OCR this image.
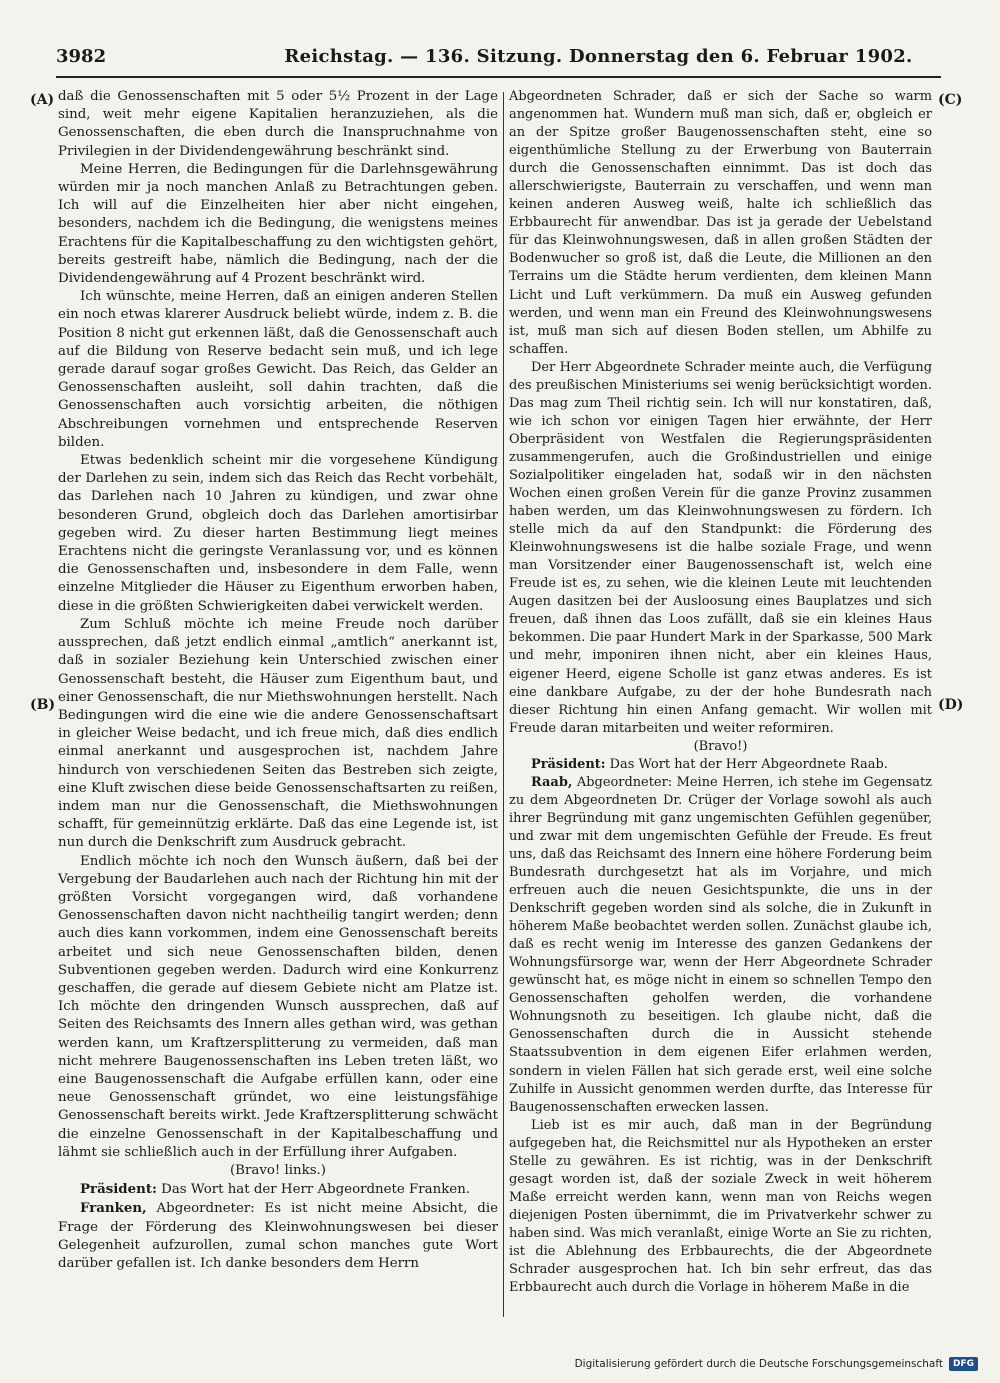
3982	Reichstag. — 136. Sitzung. Donnerstag den 6. Februar 1902.
(A)
(B)
(C)
(D)

daß die Genossenschaften mit 5 oder 5½ Prozent in der Lage sind, weit mehr eigene Kapitalien heranzuziehen, als die Genossenschaften, die eben durch die Inanspruchnahme von Privilegien in der Dividendengewährung beschränkt sind.

Meine Herren, die Bedingungen für die Darlehnsgewährung würden mir ja noch manchen Anlaß zu Betrachtungen geben. Ich will auf die Einzelheiten hier aber nicht eingehen, besonders, nachdem ich die Bedingung, die wenigstens meines Erachtens für die Kapitalbeschaffung zu den wichtigsten gehört, bereits gestreift habe, nämlich die Bedingung, nach der die Dividendengewährung auf 4 Prozent beschränkt wird.

Ich wünschte, meine Herren, daß an einigen anderen Stellen ein noch etwas klarerer Ausdruck beliebt würde, indem z. B. die Position 8 nicht gut erkennen läßt, daß die Genossenschaft auch auf die Bildung von Reserve bedacht sein muß, und ich lege gerade darauf sogar großes Gewicht. Das Reich, das Gelder an Genossenschaften ausleiht, soll dahin trachten, daß die Genossenschaften auch vorsichtig arbeiten, die nöthigen Abschreibungen vornehmen und entsprechende Reserven bilden.

Etwas bedenklich scheint mir die vorgesehene Kündigung der Darlehen zu sein, indem sich das Reich das Recht vorbehält, das Darlehen nach 10 Jahren zu kündigen, und zwar ohne besonderen Grund, obgleich doch das Darlehen amortisirbar gegeben wird. Zu dieser harten Bestimmung liegt meines Erachtens nicht die geringste Veranlassung vor, und es können die Genossenschaften und, insbesondere in dem Falle, wenn einzelne Mitglieder die Häuser zu Eigenthum erworben haben, diese in die größten Schwierigkeiten dabei verwickelt werden.

Zum Schluß möchte ich meine Freude noch darüber aussprechen, daß jetzt endlich einmal „amtlich“ anerkannt ist, daß in sozialer Beziehung kein Unterschied zwischen einer Genossenschaft besteht, die Häuser zum Eigenthum baut, und einer Genossenschaft, die nur Miethswohnungen herstellt. Nach Bedingungen wird die eine wie die andere Genossenschaftsart in gleicher Weise bedacht, und ich freue mich, daß dies endlich einmal anerkannt und ausgesprochen ist, nachdem Jahre hindurch von verschiedenen Seiten das Bestreben sich zeigte, eine Kluft zwischen diese beide Genossenschaftsarten zu reißen, indem man nur die Genossenschaft, die Miethswohnungen schafft, für gemeinnützig erklärte. Daß das eine Legende ist, ist nun durch die Denkschrift zum Ausdruck gebracht.

Endlich möchte ich noch den Wunsch äußern, daß bei der Vergebung der Baudarlehen auch nach der Richtung hin mit der größten Vorsicht vorgegangen wird, daß vorhandene Genossenschaften davon nicht nachtheilig tangirt werden; denn auch dies kann vorkommen, indem eine Genossenschaft bereits arbeitet und sich neue Genossenschaften bilden, denen Subventionen gegeben werden. Dadurch wird eine Konkurrenz geschaffen, die gerade auf diesem Gebiete nicht am Platze ist. Ich möchte den dringenden Wunsch aussprechen, daß auf Seiten des Reichsamts des Innern alles gethan wird, was gethan werden kann, um Kraftzersplitterung zu vermeiden, daß man nicht mehrere Baugenossenschaften ins Leben treten läßt, wo eine Baugenossenschaft die Aufgabe erfüllen kann, oder eine neue Genossenschaft gründet, wo eine leistungsfähige Genossenschaft bereits wirkt. Jede Kraftzersplitterung schwächt die einzelne Genossenschaft in der Kapitalbeschaffung und lähmt sie schließlich auch in der Erfüllung ihrer Aufgaben.

(Bravo! links.)

Präsident: Das Wort hat der Herr Abgeordnete Franken.

Franken, Abgeordneter: Es ist nicht meine Absicht, die Frage der Förderung des Kleinwohnungswesen bei dieser Gelegenheit aufzurollen, zumal schon manches gute Wort darüber gefallen ist. Ich danke besonders dem Herrn

Abgeordneten Schrader, daß er sich der Sache so warm angenommen hat. Wundern muß man sich, daß er, obgleich er an der Spitze großer Baugenossenschaften steht, eine so eigenthümliche Stellung zu der Erwerbung von Bauterrain durch die Genossenschaften einnimmt. Das ist doch das allerschwierigste, Bauterrain zu verschaffen, und wenn man keinen anderen Ausweg weiß, halte ich schließlich das Erbbaurecht für anwendbar. Das ist ja gerade der Uebelstand für das Kleinwohnungswesen, daß in allen großen Städten der Bodenwucher so groß ist, daß die Leute, die Millionen an den Terrains um die Städte herum verdienten, dem kleinen Mann Licht und Luft verkümmern. Da muß ein Ausweg gefunden werden, und wenn man ein Freund des Kleinwohnungswesens ist, muß man sich auf diesen Boden stellen, um Abhilfe zu schaffen.

Der Herr Abgeordnete Schrader meinte auch, die Verfügung des preußischen Ministeriums sei wenig berücksichtigt worden. Das mag zum Theil richtig sein. Ich will nur konstatiren, daß, wie ich schon vor einigen Tagen hier erwähnte, der Herr Oberpräsident von Westfalen die Regierungspräsidenten zusammengerufen, auch die Großindustriellen und einige Sozialpolitiker eingeladen hat, sodaß wir in den nächsten Wochen einen großen Verein für die ganze Provinz zusammen haben werden, um das Kleinwohnungswesen zu fördern. Ich stelle mich da auf den Standpunkt: die Förderung des Kleinwohnungswesens ist die halbe soziale Frage, und wenn man Vorsitzender einer Baugenossenschaft ist, welch eine Freude ist es, zu sehen, wie die kleinen Leute mit leuchtenden Augen dasitzen bei der Ausloosung eines Bauplatzes und sich freuen, daß ihnen das Loos zufällt, daß sie ein kleines Haus bekommen. Die paar Hundert Mark in der Sparkasse, 500 Mark und mehr, imponiren ihnen nicht, aber ein kleines Haus, eigener Heerd, eigene Scholle ist ganz etwas anderes. Es ist eine dankbare Aufgabe, zu der der hohe Bundesrath nach dieser Richtung hin einen Anfang gemacht. Wir wollen mit Freude daran mitarbeiten und weiter reformiren.

(Bravo!)

Präsident: Das Wort hat der Herr Abgeordnete Raab.

Raab, Abgeordneter: Meine Herren, ich stehe im Gegensatz zu dem Abgeordneten Dr. Crüger der Vorlage sowohl als auch ihrer Begründung mit ganz ungemischten Gefühlen gegenüber, und zwar mit dem ungemischten Gefühle der Freude. Es freut uns, daß das Reichsamt des Innern eine höhere Forderung beim Bundesrath durchgesetzt hat als im Vorjahre, und mich erfreuen auch die neuen Gesichtspunkte, die uns in der Denkschrift gegeben worden sind als solche, die in Zukunft in höherem Maße beobachtet werden sollen. Zunächst glaube ich, daß es recht wenig im Interesse des ganzen Gedankens der Wohnungsfürsorge war, wenn der Herr Abgeordnete Schrader gewünscht hat, es möge nicht in einem so schnellen Tempo den Genossenschaften geholfen werden, die vorhandene Wohnungsnoth zu beseitigen. Ich glaube nicht, daß die Genossenschaften durch die in Aussicht stehende Staatssubvention in dem eigenen Eifer erlahmen werden, sondern in vielen Fällen hat sich gerade erst, weil eine solche Zuhilfe in Aussicht genommen werden durfte, das Interesse für Baugenossenschaften erwecken lassen.

Lieb ist es mir auch, daß man in der Begründung aufgegeben hat, die Reichsmittel nur als Hypotheken an erster Stelle zu gewähren. Es ist richtig, was in der Denkschrift gesagt worden ist, daß der soziale Zweck in weit höherem Maße erreicht werden kann, wenn man von Reichs wegen diejenigen Posten übernimmt, die im Privatverkehr schwer zu haben sind. Was mich veranlaßt, einige Worte an Sie zu richten, ist die Ablehnung des Erbbaurechts, die der Abgeordnete Schrader ausgesprochen hat. Ich bin sehr erfreut, das das Erbbaurecht auch durch die Vorlage in höherem Maße in die

Digitalisierung gefördert durch die Deutsche Forschungsgemeinschaft	DFG
